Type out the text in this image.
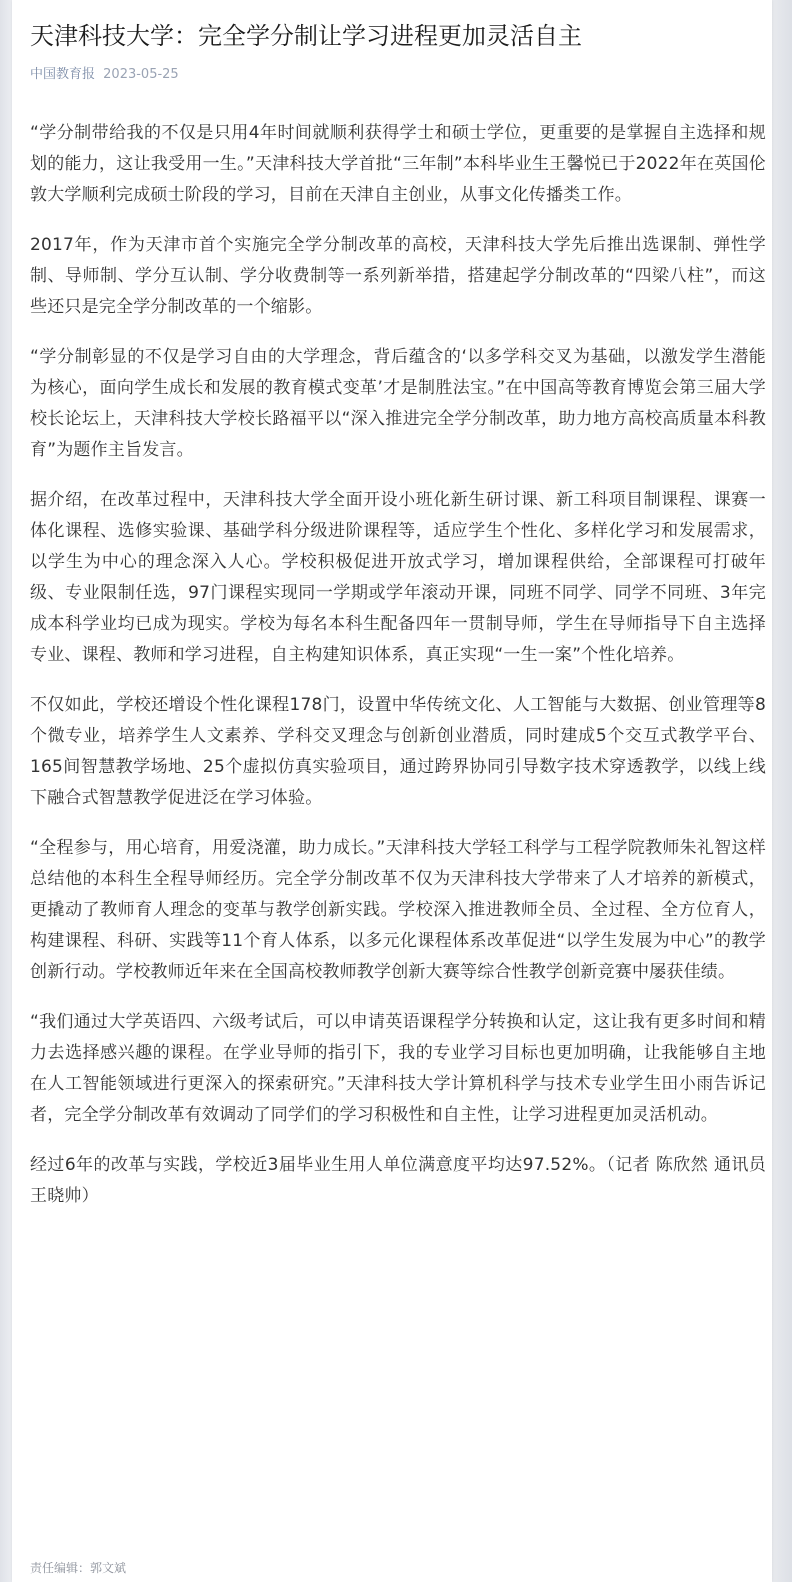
天津科技大学：完全学分制让学习进程更加灵活自主
中国教育报 2023-05-25

“学分制带给我的不仅是只用4年时间就顺利获得学士和硕士学位，更重要的是掌握自主选择和规划的能力，这让我受用一生。”天津科技大学首批“三年制”本科毕业生王馨悦已于2022年在英国伦敦大学顺利完成硕士阶段的学习，目前在天津自主创业，从事文化传播类工作。

2017年，作为天津市首个实施完全学分制改革的高校，天津科技大学先后推出选课制、弹性学制、导师制、学分互认制、学分收费制等一系列新举措，搭建起学分制改革的“四梁八柱”，而这些还只是完全学分制改革的一个缩影。

“学分制彰显的不仅是学习自由的大学理念，背后蕴含的‘以多学科交叉为基础，以激发学生潜能为核心，面向学生成长和发展的教育模式变革’才是制胜法宝。”在中国高等教育博览会第三届大学校长论坛上，天津科技大学校长路福平以“深入推进完全学分制改革，助力地方高校高质量本科教育”为题作主旨发言。

据介绍，在改革过程中，天津科技大学全面开设小班化新生研讨课、新工科项目制课程、课赛一体化课程、选修实验课、基础学科分级进阶课程等，适应学生个性化、多样化学习和发展需求，以学生为中心的理念深入人心。学校积极促进开放式学习，增加课程供给，全部课程可打破年级、专业限制任选，97门课程实现同一学期或学年滚动开课，同班不同学、同学不同班、3年完成本科学业均已成为现实。学校为每名本科生配备四年一贯制导师，学生在导师指导下自主选择专业、课程、教师和学习进程，自主构建知识体系，真正实现“一生一案”个性化培养。

不仅如此，学校还增设个性化课程178门，设置中华传统文化、人工智能与大数据、创业管理等8个微专业，培养学生人文素养、学科交叉理念与创新创业潜质，同时建成5个交互式教学平台、165间智慧教学场地、25个虚拟仿真实验项目，通过跨界协同引导数字技术穿透教学，以线上线下融合式智慧教学促进泛在学习体验。

“全程参与，用心培育，用爱浇灌，助力成长。”天津科技大学轻工科学与工程学院教师朱礼智这样总结他的本科生全程导师经历。完全学分制改革不仅为天津科技大学带来了人才培养的新模式，更撬动了教师育人理念的变革与教学创新实践。学校深入推进教师全员、全过程、全方位育人，构建课程、科研、实践等11个育人体系，以多元化课程体系改革促进“以学生发展为中心”的教学创新行动。学校教师近年来在全国高校教师教学创新大赛等综合性教学创新竞赛中屡获佳绩。

“我们通过大学英语四、六级考试后，可以申请英语课程学分转换和认定，这让我有更多时间和精力去选择感兴趣的课程。在学业导师的指引下，我的专业学习目标也更加明确，让我能够自主地在人工智能领域进行更深入的探索研究。”天津科技大学计算机科学与技术专业学生田小雨告诉记者，完全学分制改革有效调动了同学们的学习积极性和自主性，让学习进程更加灵活机动。

经过6年的改革与实践，学校近3届毕业生用人单位满意度平均达97.52%。（记者 陈欣然 通讯员王晓帅）

责任编辑：郭文斌
